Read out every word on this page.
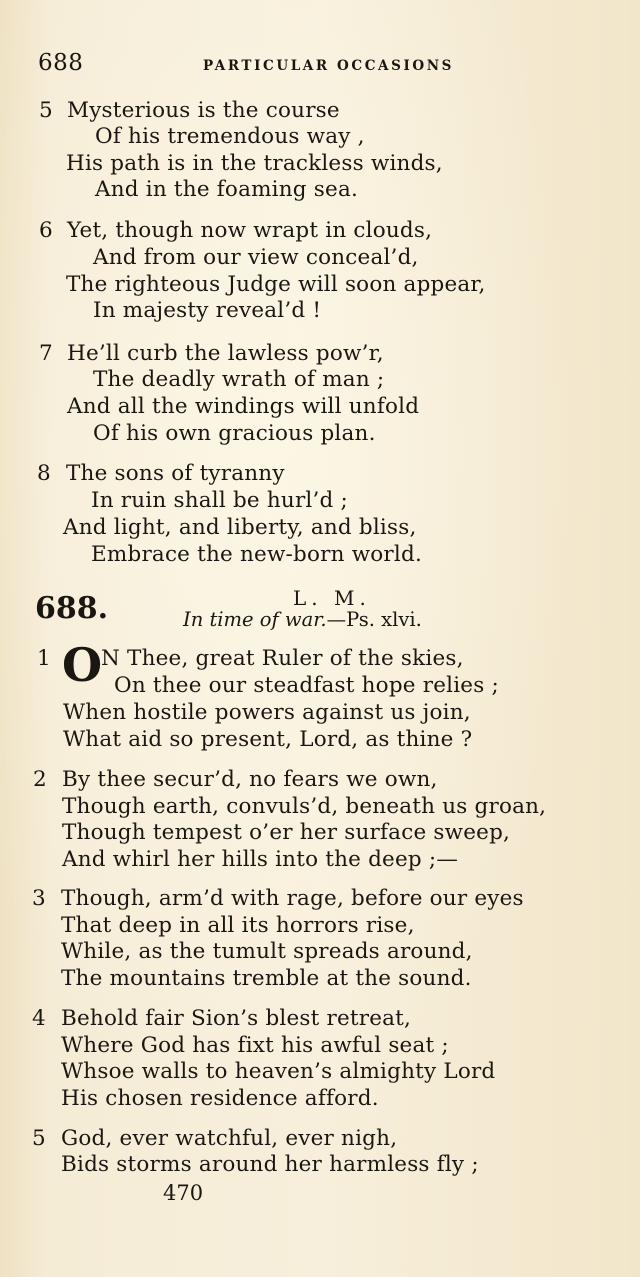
688	PARTICULAR OCCASIONS
5 Mysterious is the course
Of his tremendous way ,
His path is in the trackless winds,
And in the foaming sea.
6 Yet, though now wrapt in clouds,
And from our view conceal’d,
The righteous Judge will soon appear,
In majesty reveal’d !
7 He’ll curb the lawless pow’r,
The deadly wrath of man ;
And all the windings will unfold
Of his own gracious plan.
8 The sons of tyranny
In ruin shall be hurl’d ;
And light, and liberty, and bliss,
Embrace the new-born world.
688.	L. M.
In time of war.—Ps. xlvi.
1 O
N Thee, great Ruler of the skies,
On thee our steadfast hope relies ;
When hostile powers against us join,
What aid so present, Lord, as thine ?
2 By thee secur’d, no fears we own,
Though earth, convuls’d, beneath us groan,
Though tempest o’er her surface sweep,
And whirl her hills into the deep ;—
3 Though, arm’d with rage, before our eyes
That deep in all its horrors rise,
While, as the tumult spreads around,
The mountains tremble at the sound.
4 Behold fair Sion’s blest retreat,
Where God has fixt his awful seat ;
Whsoe walls to heaven’s almighty Lord
His chosen residence afford.
5 God, ever watchful, ever nigh,
Bids storms around her harmless fly ;
470
